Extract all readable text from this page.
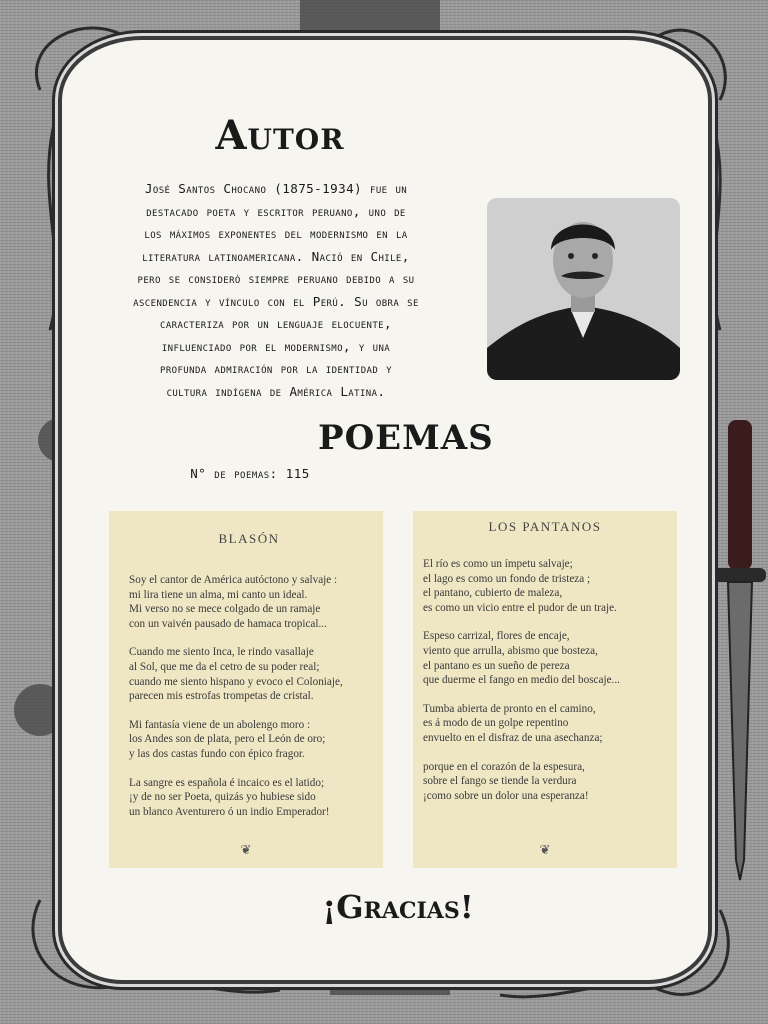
Autor
José Santos Chocano (1875-1934) fue un
destacado poeta y escritor peruano, uno de
los máximos exponentes del modernismo en la
literatura latinoamericana. Nació en Chile,
pero se consideró siempre peruano debido a su
ascendencia y vínculo con el Perú. Su obra se
caracteriza por un lenguaje elocuente,
influenciado por el modernismo, y una
profunda admiración por la identidad y
cultura indígena de América Latina.
POEMAS
N° de poemas: 115
BLASÓN
Soy el cantor de América autóctono y salvaje :
mi lira tiene un alma, mi canto un ideal.
Mi verso no se mece colgado de un ramaje
con un vaivén pausado de hamaca tropical...
Cuando me siento Inca, le rindo vasallaje
al Sol, que me da el cetro de su poder real;
cuando me siento hispano y evoco el Coloniaje,
parecen mis estrofas trompetas de cristal.
Mi fantasía viene de un abolengo moro :
los Andes son de plata, pero el León de oro;
y las dos castas fundo con épico fragor.
La sangre es española é incaico es el latido;
¡y de no ser Poeta, quizás yo hubiese sido
un blanco Aventurero ó un indio Emperador!
❦
LOS PANTANOS
El río es como un ímpetu salvaje;
el lago es como un fondo de tristeza ;
el pantano, cubierto de maleza,
es como un vicio entre el pudor de un traje.
Espeso carrizal, flores de encaje,
viento que arrulla, abismo que bosteza,
el pantano es un sueño de pereza
que duerme el fango en medio del boscaje...
Tumba abierta de pronto en el camino,
es á modo de un golpe repentino
envuelto en el disfraz de una asechanza;
porque en el corazón de la espesura,
sobre el fango se tiende la verdura
¡como sobre un dolor una esperanza!
❦
¡Gracias!
